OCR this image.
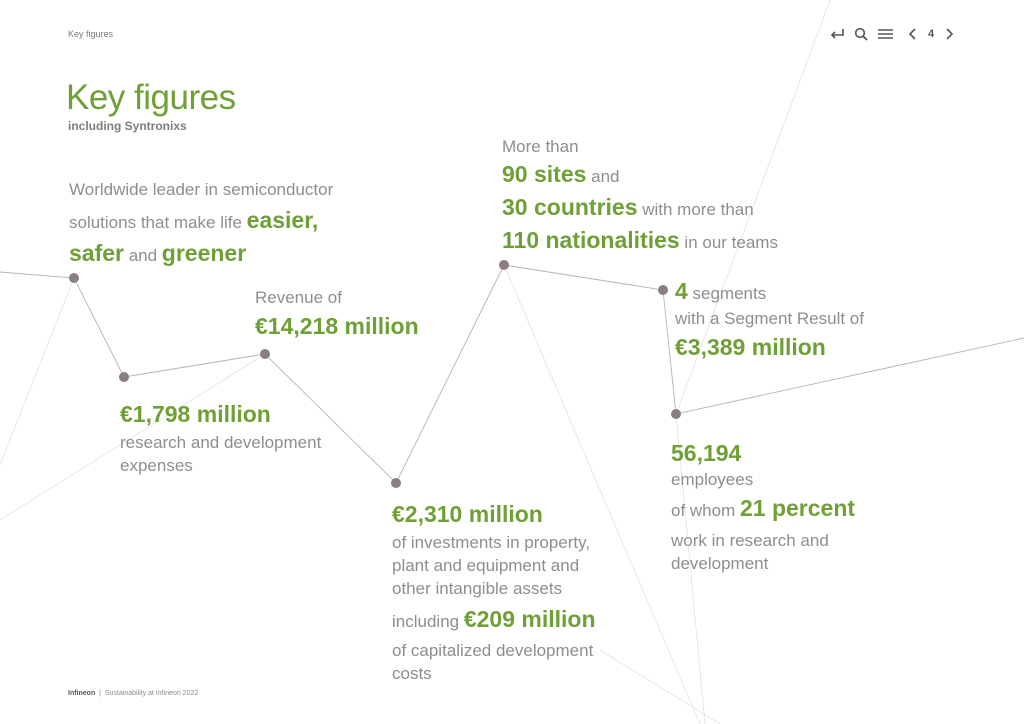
Key figures	4
Key figures
including Syntronixs
Worldwide leader in semiconductor
solutions that make life easier,
safer and greener
Revenue of
€14,218 million
€1,798 million
research and development
expenses
€2,310 million
of investments in property,
plant and equipment and
other intangible assets
including €209 million
of capitalized development
costs
More than
90 sites and
30 countries with more than
110 nationalities in our teams
4 segments
with a Segment Result of
€3,389 million
56,194
employees
of whom 21 percent
work in research and
development
Infineon  |  Sustainability at Infineon 2022
